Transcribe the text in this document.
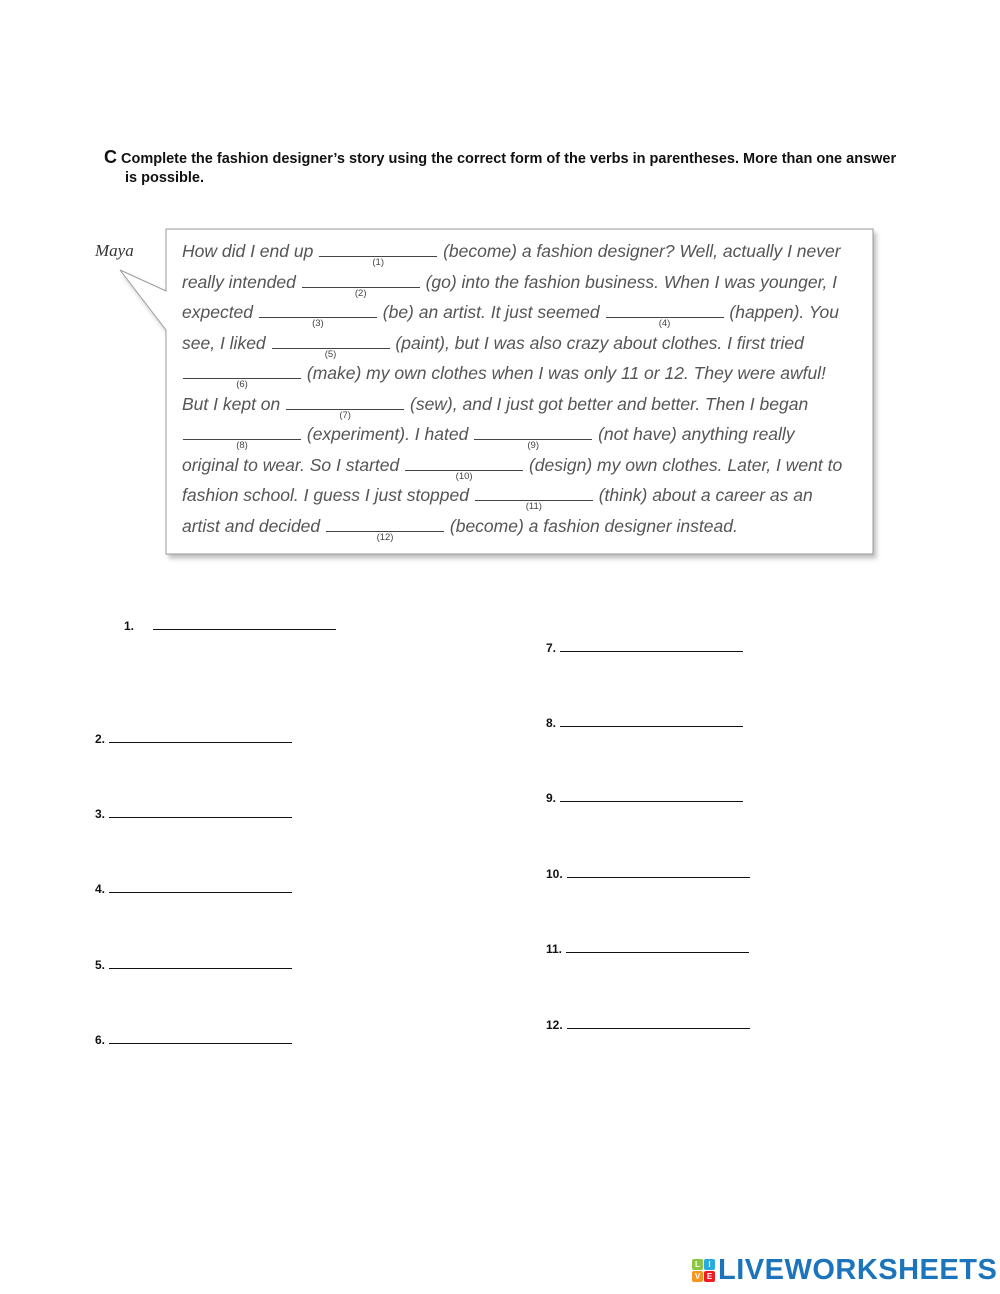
C Complete the fashion designer’s story using the correct form of the verbs in parentheses. More than one answer
is possible.
Maya	How did I end up
(1)
(become) a fashion designer? Well, actually I never
really intended
(2)
(go) into the fashion business. When I was younger, I
expected
(3)
(be) an artist. It just seemed
(4)
(happen). You
see, I liked
(5)
(paint), but I was also crazy about clothes. I first tried
(6)
(make) my own clothes when I was only 11 or 12. They were awful!
But I kept on
(7)
(sew), and I just got better and better. Then I began
(8)
(experiment). I hated
(9)
(not have) anything really
original to wear. So I started
(10)
(design) my own clothes. Later, I went to
fashion school. I guess I just stopped
(11)
(think) about a career as an
artist and decided
(12)
(become) a fashion designer instead.
1.
2.
3.
4.
5.
6.
7.
8.
9.
10.
11.
12.
L	I
V E LIVEWORKSHEETS
